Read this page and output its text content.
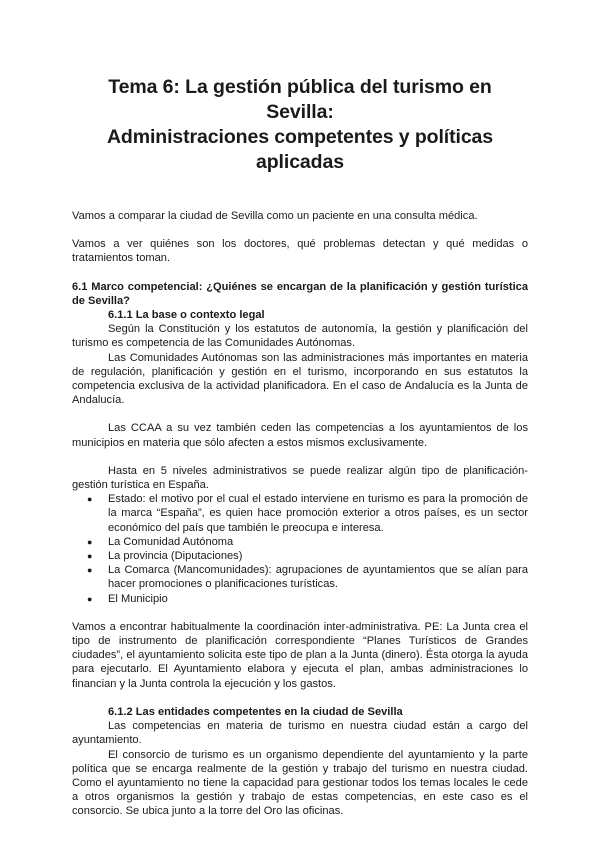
Tema 6: La gestión pública del turismo en Sevilla:
Administraciones competentes y políticas aplicadas

Vamos a comparar la ciudad de Sevilla como un paciente en una consulta médica.

Vamos a ver quiénes son los doctores, qué problemas detectan y qué medidas o tratamientos toman.

6.1 Marco competencial: ¿Quiénes se encargan de la planificación y gestión turística de Sevilla?

6.1.1 La base o contexto legal

Según la Constitución y los estatutos de autonomía, la gestión y planificación del turismo es competencia de las Comunidades Autónomas.

Las Comunidades Autónomas son las administraciones más importantes en materia de regulación, planificación y gestión en el turismo, incorporando en sus estatutos la competencia exclusiva de la actividad planificadora. En el caso de Andalucía es la Junta de Andalucía.

Las CCAA a su vez también ceden las competencias a los ayuntamientos de los municipios en materia que sólo afecten a estos mismos exclusivamente.

Hasta en 5 niveles administrativos se puede realizar algún tipo de planificación-gestión turística en España.

● Estado: el motivo por el cual el estado interviene en turismo es para la promoción de la marca “España”, es quien hace promoción exterior a otros países, es un sector económico del país que también le preocupa e interesa.
● La Comunidad Autónoma
● La provincia (Diputaciones)
● La Comarca (Mancomunidades): agrupaciones de ayuntamientos que se alían para hacer promociones o planificaciones turísticas.
● El Municipio

Vamos a encontrar habitualmente la coordinación inter-administrativa. PE: La Junta crea el tipo de instrumento de planificación correspondiente “Planes Turísticos de Grandes ciudades”, el ayuntamiento solicita este tipo de plan a la Junta (dinero). Ésta otorga la ayuda para ejecutarlo. El Ayuntamiento elabora y ejecuta el plan, ambas administraciones lo financian y la Junta controla la ejecución y los gastos.

6.1.2 Las entidades competentes en la ciudad de Sevilla

Las competencias en materia de turismo en nuestra ciudad están a cargo del ayuntamiento.

El consorcio de turismo es un organismo dependiente del ayuntamiento y la parte política que se encarga realmente de la gestión y trabajo del turismo en nuestra ciudad. Como el ayuntamiento no tiene la capacidad para gestionar todos los temas locales le cede a otros organismos la gestión y trabajo de estas competencias, en este caso es el consorcio. Se ubica junto a la torre del Oro las oficinas.
